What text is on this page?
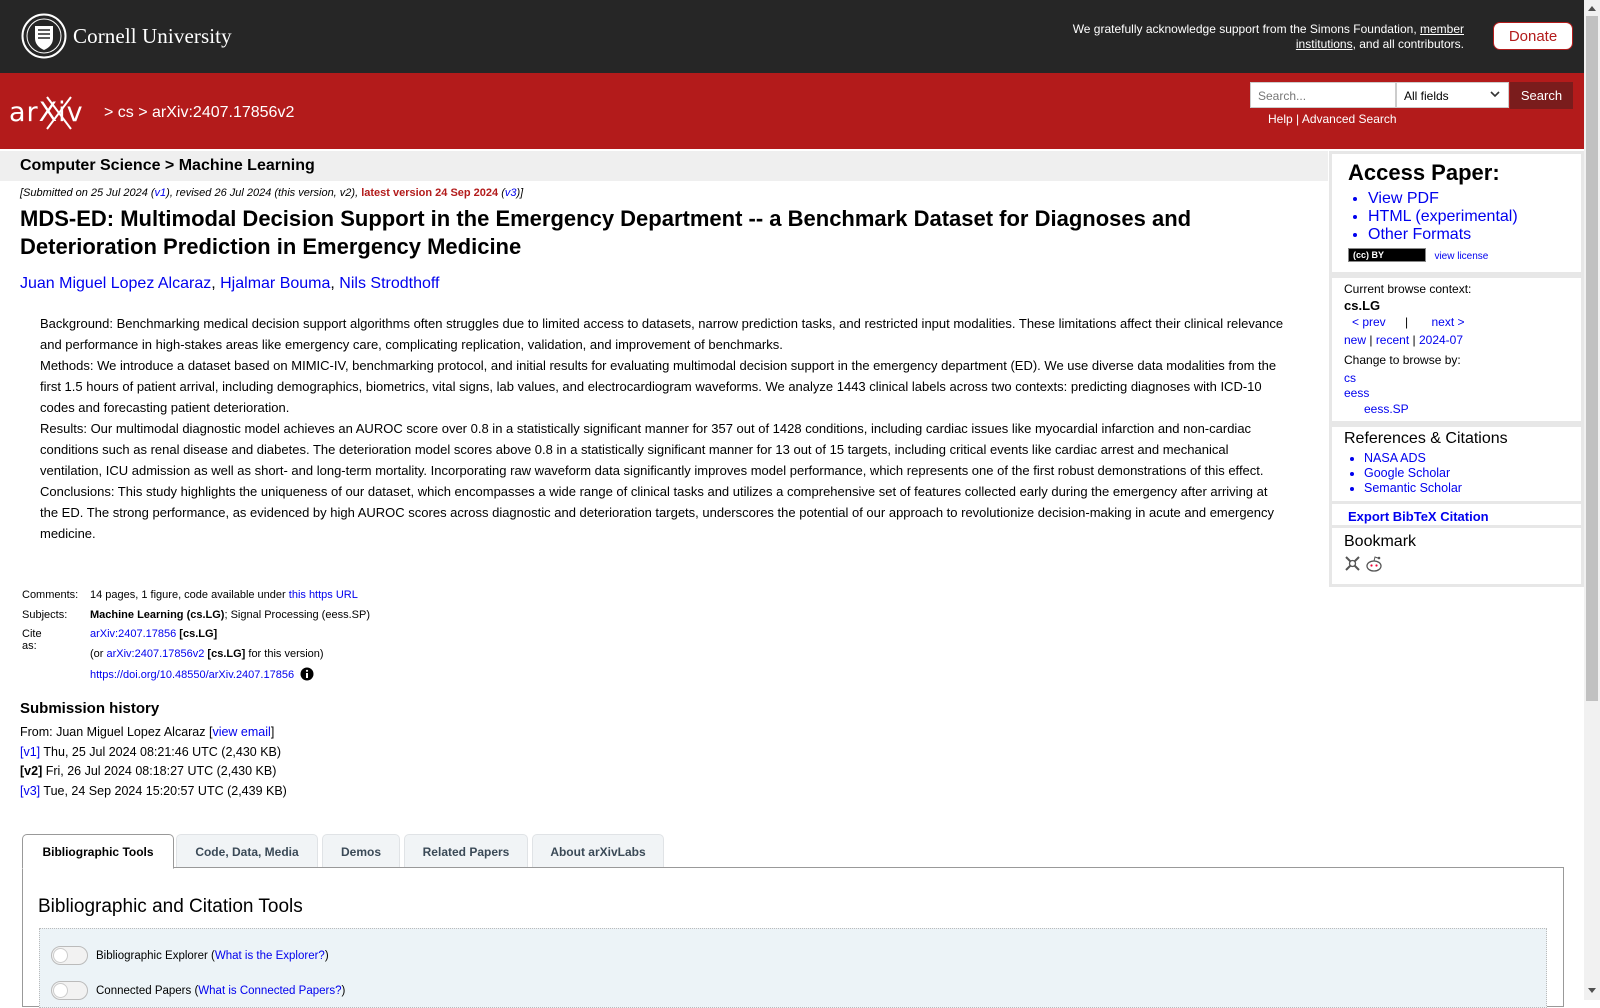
Cornell University	We gratefully acknowledge support from the Simons Foundation, member institutions, and all contributors.	Donate
arXiv > cs > arXiv:2407.17856v2
Search...	All fields	Search
Help | Advanced Search
Computer Science > Machine Learning
[Submitted on 25 Jul 2024 (v1), revised 26 Jul 2024 (this version, v2), latest version 24 Sep 2024 (v3)]
MDS-ED: Multimodal Decision Support in the Emergency Department -- a Benchmark Dataset for Diagnoses and Deterioration Prediction in Emergency Medicine
Juan Miguel Lopez Alcaraz, Hjalmar Bouma, Nils Strodthoff

Background: Benchmarking medical decision support algorithms often struggles due to limited access to datasets, narrow prediction tasks, and restricted input modalities. These limitations affect their clinical relevance and performance in high-stakes areas like emergency care, complicating replication, validation, and improvement of benchmarks.

Methods: We introduce a dataset based on MIMIC-IV, benchmarking protocol, and initial results for evaluating multimodal decision support in the emergency department (ED). We use diverse data modalities from the first 1.5 hours of patient arrival, including demographics, biometrics, vital signs, lab values, and electrocardiogram waveforms. We analyze 1443 clinical labels across two contexts: predicting diagnoses with ICD-10 codes and forecasting patient deterioration.

Results: Our multimodal diagnostic model achieves an AUROC score over 0.8 in a statistically significant manner for 357 out of 1428 conditions, including cardiac issues like myocardial infarction and non-cardiac conditions such as renal disease and diabetes. The deterioration model scores above 0.8 in a statistically significant manner for 13 out of 15 targets, including critical events like cardiac arrest and mechanical ventilation, ICU admission as well as short- and long-term mortality. Incorporating raw waveform data significantly improves model performance, which represents one of the first robust demonstrations of this effect.

Conclusions: This study highlights the uniqueness of our dataset, which encompasses a wide range of clinical tasks and utilizes a comprehensive set of features collected early during the emergency after arriving at the ED. The strong performance, as evidenced by high AUROC scores across diagnostic and deterioration targets, underscores the potential of our approach to revolutionize decision-making in acute and emergency medicine.

Comments: 14 pages, 1 figure, code available under this https URL
Subjects: Machine Learning (cs.LG); Signal Processing (eess.SP)
Cite as:
arXiv:2407.17856 [cs.LG]
(or arXiv:2407.17856v2 [cs.LG] for this version)
https://doi.org/10.48550/arXiv.2407.17856
Submission history
From: Juan Miguel Lopez Alcaraz [view email]
[v1] Thu, 25 Jul 2024 08:21:46 UTC (2,430 KB)
[v2] Fri, 26 Jul 2024 08:18:27 UTC (2,430 KB)
[v3] Tue, 24 Sep 2024 15:20:57 UTC (2,439 KB)
Bibliographic Tools	Code, Data, Media	Demos	Related Papers	About arXivLabs
Bibliographic and Citation Tools
Bibliographic Explorer ( What is the Explorer? )
Connected Papers ( What is Connected Papers? )
Access Paper:
• View PDF
• HTML (experimental)
• Other Formats
(cc) BY	view license
Current browse context:
cs.LG
< prev | next >
new | recent | 2024-07
Change to browse by:
cs
eess
eess.SP
References & Citations
• NASA ADS
• Google Scholar
• Semantic Scholar
Export BibTeX Citation
Bookmark
